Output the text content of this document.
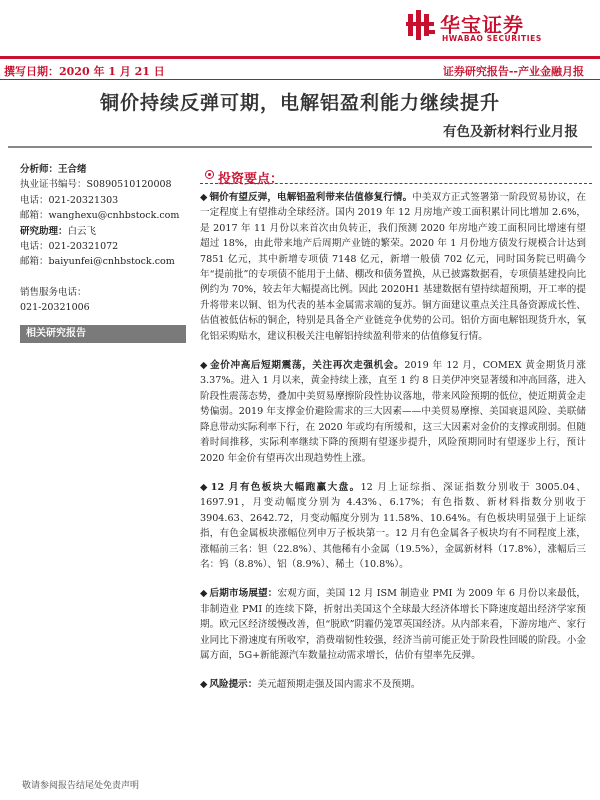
华宝证券
HWABAO SECURITIES
撰写日期：2020 年 1 月 21 日	证券研究报告--产业金融月报
铜价持续反弹可期，电解铝盈利能力继续提升
有色及新材料行业月报
分析师：王合绪
执业证书编号：S0890510120008
电话：021-20321303
邮箱：wanghexu@cnhbstock.com
研究助理：白云飞
电话：021-20321072
邮箱：baiyunfei@cnhbstock.com
销售服务电话：
021-20321006
相关研究报告
投资要点：

◆ 铜价有望反弹，电解铝盈利带来估值修复行情。中美双方正式签署第一阶段贸易协议，在一定程度上有望推动全球经济。国内 2019 年 12 月房地产竣工面积累计同比增加 2.6%，是 2017 年 11 月份以来首次由负转正，我们预测 2020 年房地产竣工面积同比增速有望超过 18%，由此带来地产后周期产业链的繁荣。2020 年 1 月份地方债发行规模合计达到 7851 亿元，其中新增专项债 7148 亿元，新增一般债 702 亿元，同时国务院已明确今年“提前批”的专项债不能用于土储、棚改和债务置换，从已披露数据看，专项债基建投向比例约为 70%，较去年大幅提高比例。因此 2020H1 基建数据有望持续超预期，开工率的提升将带来以铜、铝为代表的基本金属需求端的复苏。铜方面建议重点关注具备资源成长性、估值被低估标的铜企，特别是具备全产业链竞争优势的公司。铝价方面电解铝现货升水，氧化铝采购贴水，建议积极关注电解铝持续盈利带来的估值修复行情。

◆ 金价冲高后短期震荡，关注再次走强机会。2019 年 12 月，COMEX 黄金期货月涨 3.37%。进入 1 月以来，黄金持续上涨，直至 1 约 8 日美伊冲突显著缓和冲高回落，进入阶段性震荡态势，叠加中美贸易摩擦阶段性协议落地，带来风险预期的低位，使近期黄金走势偏弱。2019 年支撑金价避险需求的三大因素——中美贸易摩擦、美国衰退风险、美联储降息带动实际利率下行，在 2020 年或均有所缓和，这三大因素对金价的支撑或削弱。但随着时间推移，实际利率继续下降的预期有望逐步提升，风险预期同时有望逐步上行，预计 2020 年金价有望再次出现趋势性上涨。

◆ 12 月有色板块大幅跑赢大盘。12 月上证综指、深证指数分别收于 3005.04、1697.91，月变动幅度分别为 4.43%、6.17%；有色指数、新材料指数分别收于 3904.63、2642.72，月变动幅度分别为 11.58%、10.64%。有色板块明显强于上证综指，有色金属板块涨幅位列申万子板块第一。12 月有色金属各子板块均有不同程度上涨，涨幅前三名：钽（22.8%）、其他稀有小金属（19.5%），金属新材料（17.8%），涨幅后三名：钨（8.8%）、铝（8.9%）、稀土（10.8%）。

◆ 后期市场展望：宏观方面，美国 12 月 ISM 制造业 PMI 为 2009 年 6 月份以来最低，非制造业 PMI 的连续下降，折射出美国这个全球最大经济体增长下降速度超出经济学家预期。欧元区经济缓慢改善，但“脱欧”阴霾仍笼罩英国经济。从内部来看，下游房地产、家行业同比下滑速度有所收窄，消费端韧性较强，经济当前可能正处于阶段性回暖的阶段。小金属方面，5G+新能源汽车数量拉动需求增长，估价有望率先反弹。

◆ 风险提示：美元超预期走强及国内需求不及预期。

敬请参阅报告结尾处免责声明
